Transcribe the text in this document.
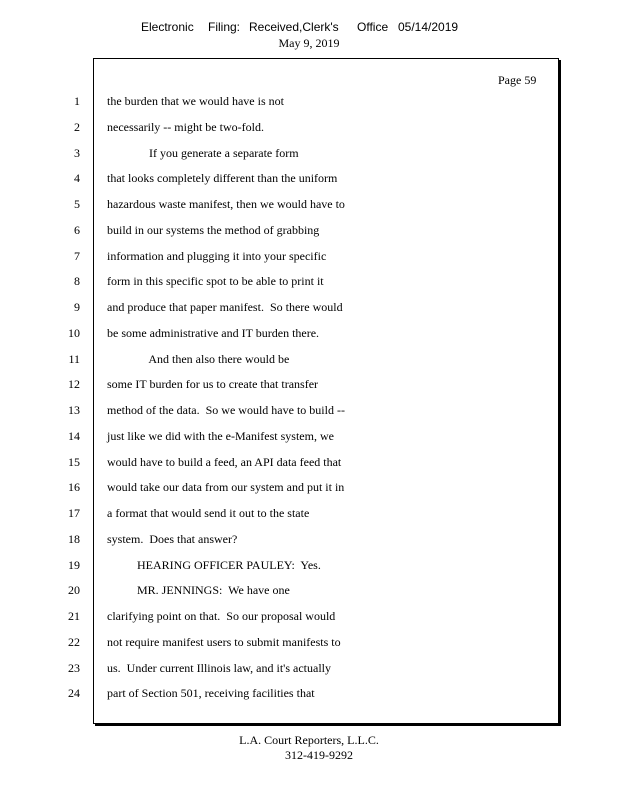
Electronic Filing: Received,Clerk's Office 05/14/2019
May 9, 2019
Page 59
1 the burden that we would have is not
2 necessarily -- might be two-fold.
3 If you generate a separate form
4 that looks completely different than the uniform
5 hazardous waste manifest, then we would have to
6 build in our systems the method of grabbing
7 information and plugging it into your specific
8 form in this specific spot to be able to print it
9 and produce that paper manifest.  So there would
10 be some administrative and IT burden there.
11 And then also there would be
12 some IT burden for us to create that transfer
13 method of the data.  So we would have to build --
14 just like we did with the e-Manifest system, we
15 would have to build a feed, an API data feed that
16 would take our data from our system and put it in
17 a format that would send it out to the state
18 system.  Does that answer?
19 HEARING OFFICER PAULEY:  Yes.
20 MR. JENNINGS:  We have one
21 clarifying point on that.  So our proposal would
22 not require manifest users to submit manifests to
23 us.  Under current Illinois law, and it's actually
24 part of Section 501, receiving facilities that
L.A. Court Reporters, L.L.C.
312-419-9292
